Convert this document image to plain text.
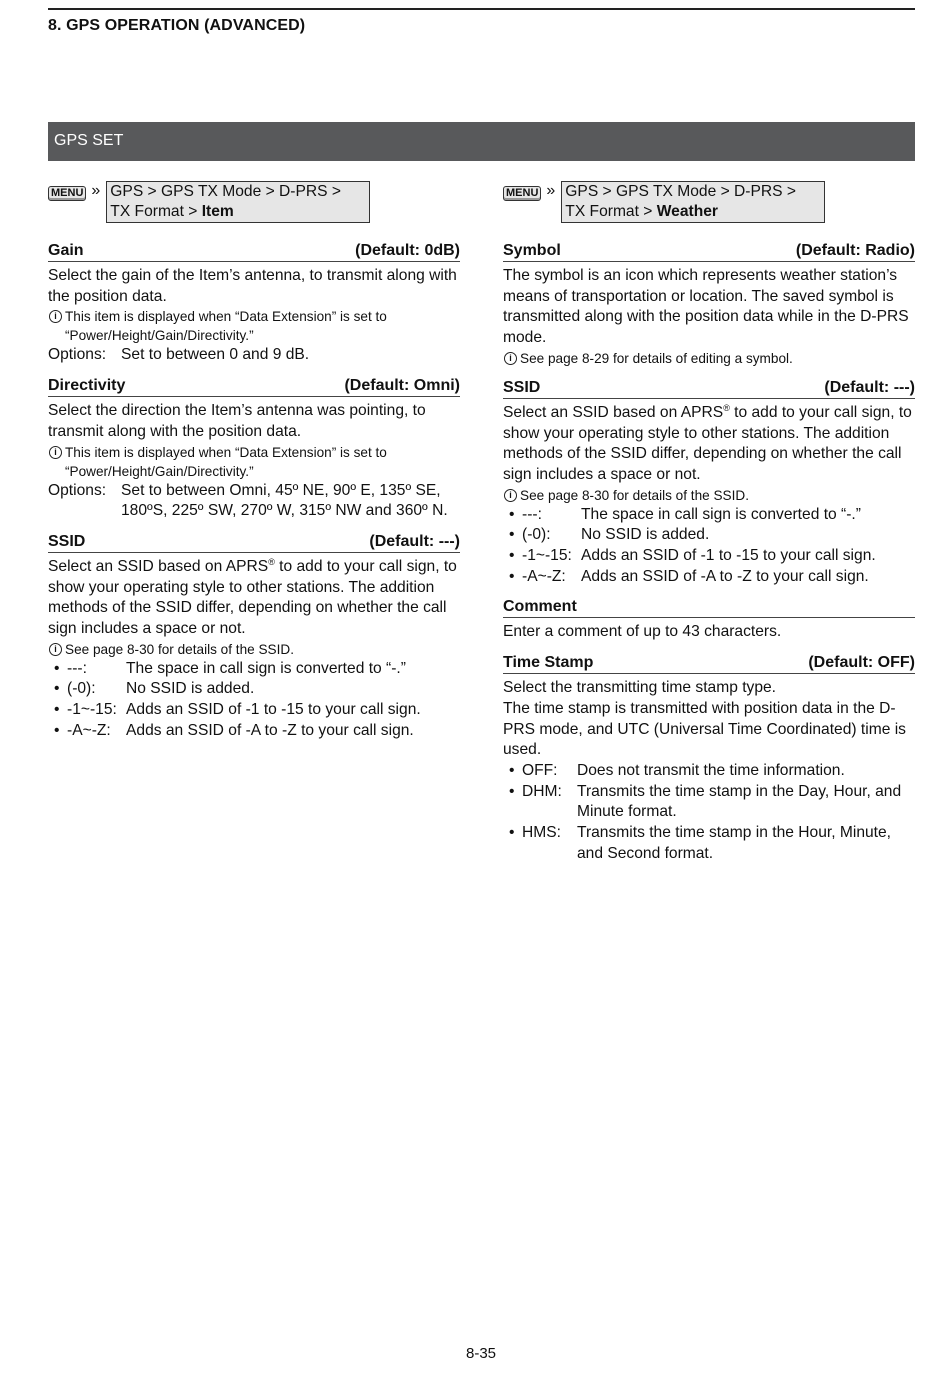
8. GPS OPERATION (ADVANCED)
GPS SET
MENU » GPS > GPS TX Mode > D-PRS >
TX Format > Item
Gain	(Default: 0dB)

Select the gain of the Item’s antenna, to transmit along with the position data.

i This item is displayed when “Data Extension” is set to “Power/Height/Gain/Directivity.”
Options: Set to between 0 and 9 dB.
Directivity	(Default: Omni)

Select the direction the Item’s antenna was pointing, to transmit along with the position data.

i This item is displayed when “Data Extension” is set to “Power/Height/Gain/Directivity.”
Options: Set to between Omni, 45º NE, 90º E, 135º SE, 180ºS, 225º SW, 270º W, 315º NW and 360º N.
SSID	(Default: ---)

Select an SSID based on APRS® to add to your call sign, to show your operating style to other stations. The addition methods of the SSID differ, depending on whether the call sign includes a space or not.

i See page 8-30 for details of the SSID.
• ---:	The space in call sign is converted to “-.”
• (-0):	No SSID is added.
• -1~-15: Adds an SSID of -1 to -15 to your call sign.
• -A~-Z: Adds an SSID of -A to -Z to your call sign.
MENU » GPS > GPS TX Mode > D-PRS >
TX Format > Weather
Symbol	(Default: Radio)

The symbol is an icon which represents weather station’s means of transportation or location. The saved symbol is transmitted along with the position data while in the D-PRS mode.

i See page 8-29 for details of editing a symbol.
SSID	(Default: ---)

Select an SSID based on APRS® to add to your call sign, to show your operating style to other stations. The addition methods of the SSID differ, depending on whether the call sign includes a space or not.

i See page 8-30 for details of the SSID.
• ---:	The space in call sign is converted to “-.”
• (-0):	No SSID is added.
• -1~-15: Adds an SSID of -1 to -15 to your call sign.
• -A~-Z: Adds an SSID of -A to -Z to your call sign.
Comment

Enter a comment of up to 43 characters.

Time Stamp	(Default: OFF)

Select the transmitting time stamp type.

The time stamp is transmitted with position data in the D-PRS mode, and UTC (Universal Time Coordinated) time is used.

• OFF:	Does not transmit the time information.
• DHM: Transmits the time stamp in the Day, Hour, and Minute format.
• HMS:	Transmits the time stamp in the Hour, Minute, and Second format.
8-35
